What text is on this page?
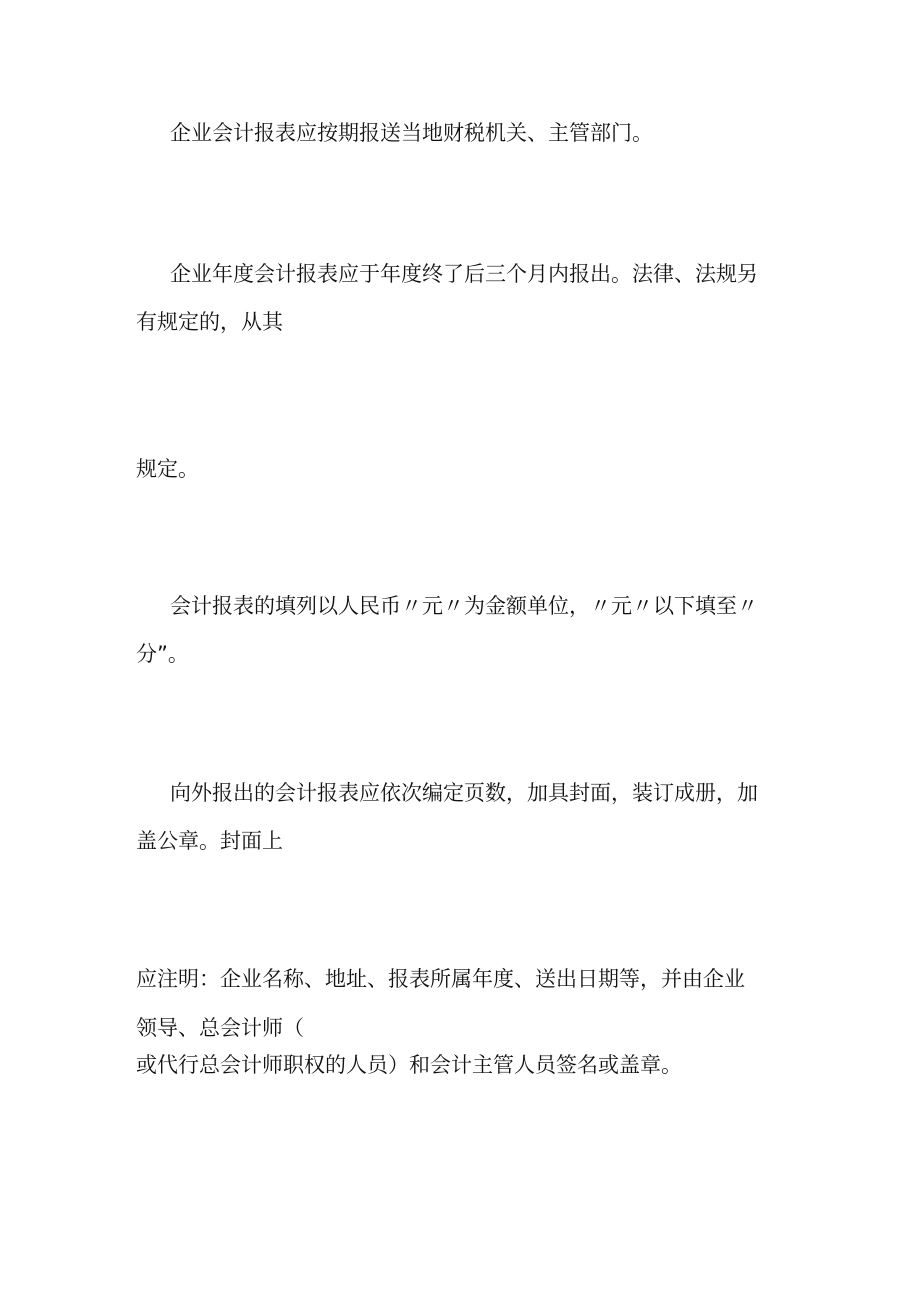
企业会计报表应按期报送当地财税机关、主管部门。
企业年度会计报表应于年度终了后三个月内报出。法律、法规另
有规定的，从其
规定。
会计报表的填列以人民币〃元〃为金额单位，〃元〃以下填至〃
分”。
向外报出的会计报表应依次编定页数，加具封面，装订成册，加
盖公章。封面上
应注明：企业名称、地址、报表所属年度、送出日期等，并由企业
领导、总会计师（
或代行总会计师职权的人员）和会计主管人员签名或盖章。
